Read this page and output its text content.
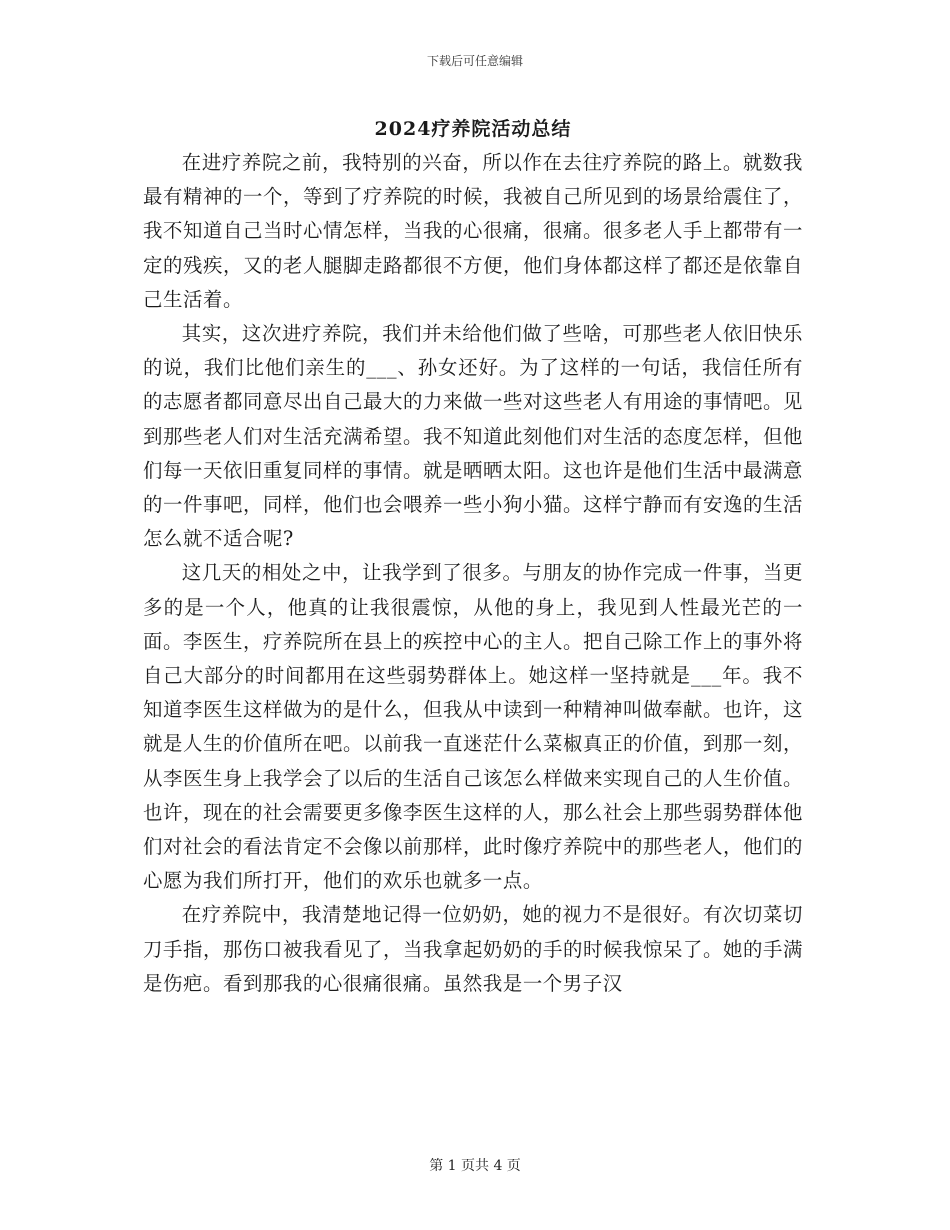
下载后可任意编辑
2024疗养院活动总结

在进疗养院之前，我特别的兴奋，所以作在去往疗养院的路上。就数我最有精神的一个，等到了疗养院的时候，我被自己所见到的场景给震住了，我不知道自己当时心情怎样，当我的心很痛，很痛。很多老人手上都带有一定的残疾，又的老人腿脚走路都很不方便，他们身体都这样了都还是依靠自己生活着。

其实，这次进疗养院，我们并未给他们做了些啥，可那些老人依旧快乐的说，我们比他们亲生的___、孙女还好。为了这样的一句话，我信任所有的志愿者都同意尽出自己最大的力来做一些对这些老人有用途的事情吧。见到那些老人们对生活充满希望。我不知道此刻他们对生活的态度怎样，但他们每一天依旧重复同样的事情。就是晒晒太阳。这也许是他们生活中最满意的一件事吧，同样，他们也会喂养一些小狗小猫。这样宁静而有安逸的生活怎么就不适合呢?

这几天的相处之中，让我学到了很多。与朋友的协作完成一件事，当更多的是一个人，他真的让我很震惊，从他的身上，我见到人性最光芒的一面。李医生，疗养院所在县上的疾控中心的主人。把自己除工作上的事外将自己大部分的时间都用在这些弱势群体上。她这样一坚持就是___年。我不知道李医生这样做为的是什么，但我从中读到一种精神叫做奉献。也许，这就是人生的价值所在吧。以前我一直迷茫什么菜椒真正的价值，到那一刻，从李医生身上我学会了以后的生活自己该怎么样做来实现自己的人生价值。也许，现在的社会需要更多像李医生这样的人，那么社会上那些弱势群体他们对社会的看法肯定不会像以前那样，此时像疗养院中的那些老人，他们的心愿为我们所打开，他们的欢乐也就多一点。

在疗养院中，我清楚地记得一位奶奶，她的视力不是很好。有次切菜切刀手指，那伤口被我看见了，当我拿起奶奶的手的时候我惊呆了。她的手满是伤疤。看到那我的心很痛很痛。虽然我是一个男子汉

第 1 页共 4 页
